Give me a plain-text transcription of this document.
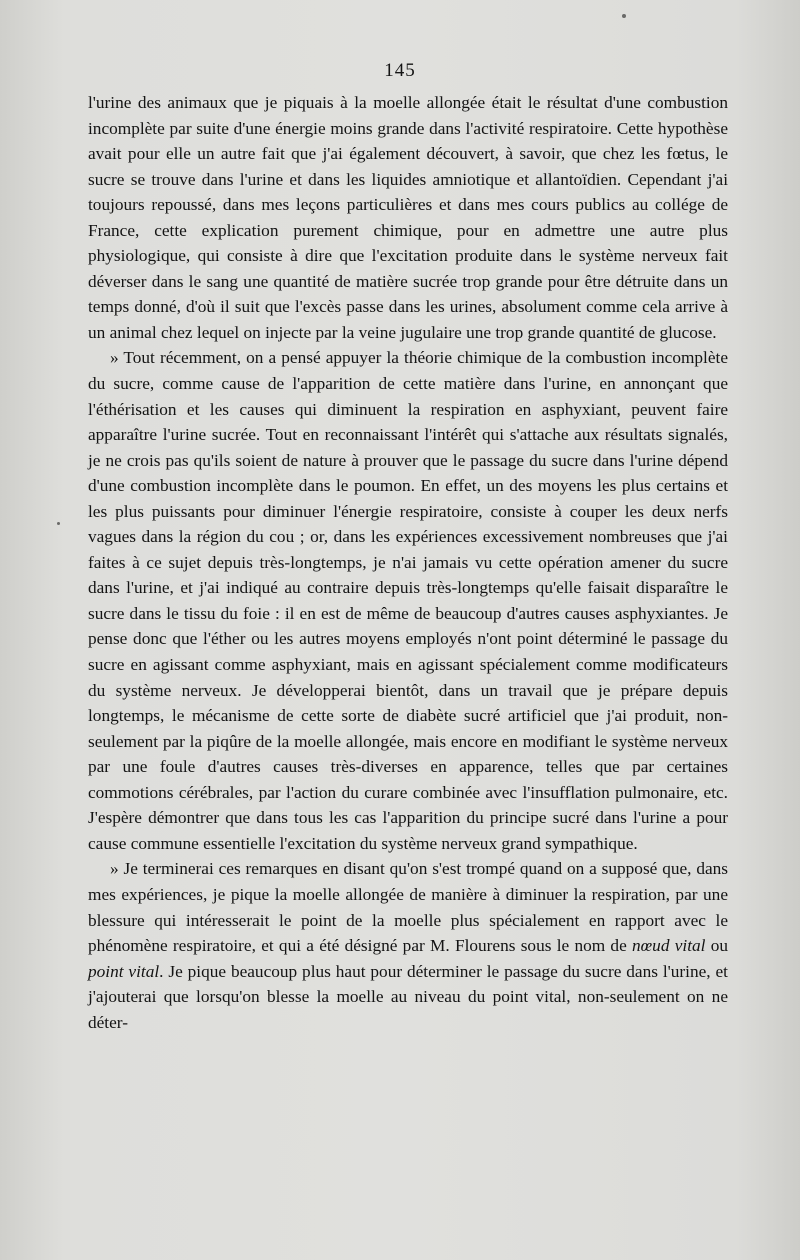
145

l'urine des animaux que je piquais à la moelle allongée était le résultat d'une combustion incomplète par suite d'une énergie moins grande dans l'activité respiratoire. Cette hypothèse avait pour elle un autre fait que j'ai également découvert, à savoir, que chez les fœtus, le sucre se trouve dans l'urine et dans les liquides amniotique et allantoïdien. Cependant j'ai toujours repoussé, dans mes leçons particulières et dans mes cours publics au collége de France, cette explication purement chimique, pour en admettre une autre plus physiologique, qui consiste à dire que l'excitation produite dans le système nerveux fait déverser dans le sang une quantité de matière sucrée trop grande pour être détruite dans un temps donné, d'où il suit que l'excès passe dans les urines, absolument comme cela arrive à un animal chez lequel on injecte par la veine jugulaire une trop grande quantité de glucose.

» Tout récemment, on a pensé appuyer la théorie chimique de la combustion incomplète du sucre, comme cause de l'apparition de cette matière dans l'urine, en annonçant que l'éthérisation et les causes qui diminuent la respiration en asphyxiant, peuvent faire apparaître l'urine sucrée. Tout en reconnaissant l'intérêt qui s'attache aux résultats signalés, je ne crois pas qu'ils soient de nature à prouver que le passage du sucre dans l'urine dépend d'une combustion incomplète dans le poumon. En effet, un des moyens les plus certains et les plus puissants pour diminuer l'énergie respiratoire, consiste à couper les deux nerfs vagues dans la région du cou ; or, dans les expériences excessivement nombreuses que j'ai faites à ce sujet depuis très-longtemps, je n'ai jamais vu cette opération amener du sucre dans l'urine, et j'ai indiqué au contraire depuis très-longtemps qu'elle faisait disparaître le sucre dans le tissu du foie : il en est de même de beaucoup d'autres causes asphyxiantes. Je pense donc que l'éther ou les autres moyens employés n'ont point déterminé le passage du sucre en agissant comme asphyxiant, mais en agissant spécialement comme modificateurs du système nerveux. Je développerai bientôt, dans un travail que je prépare depuis longtemps, le mécanisme de cette sorte de diabète sucré artificiel que j'ai produit, non-seulement par la piqûre de la moelle allongée, mais encore en modifiant le système nerveux par une foule d'autres causes très-diverses en apparence, telles que par certaines commotions cérébrales, par l'action du curare combinée avec l'insufflation pulmonaire, etc. J'espère démontrer que dans tous les cas l'apparition du principe sucré dans l'urine a pour cause commune essentielle l'excitation du système nerveux grand sympathique.

» Je terminerai ces remarques en disant qu'on s'est trompé quand on a supposé que, dans mes expériences, je pique la moelle allongée de manière à diminuer la respiration, par une blessure qui intéresserait le point de la moelle plus spécialement en rapport avec le phénomène respiratoire, et qui a été désigné par M. Flourens sous le nom de nœud vital ou point vital. Je pique beaucoup plus haut pour déterminer le passage du sucre dans l'urine, et j'ajouterai que lorsqu'on blesse la moelle au niveau du point vital, non-seulement on ne déter-
